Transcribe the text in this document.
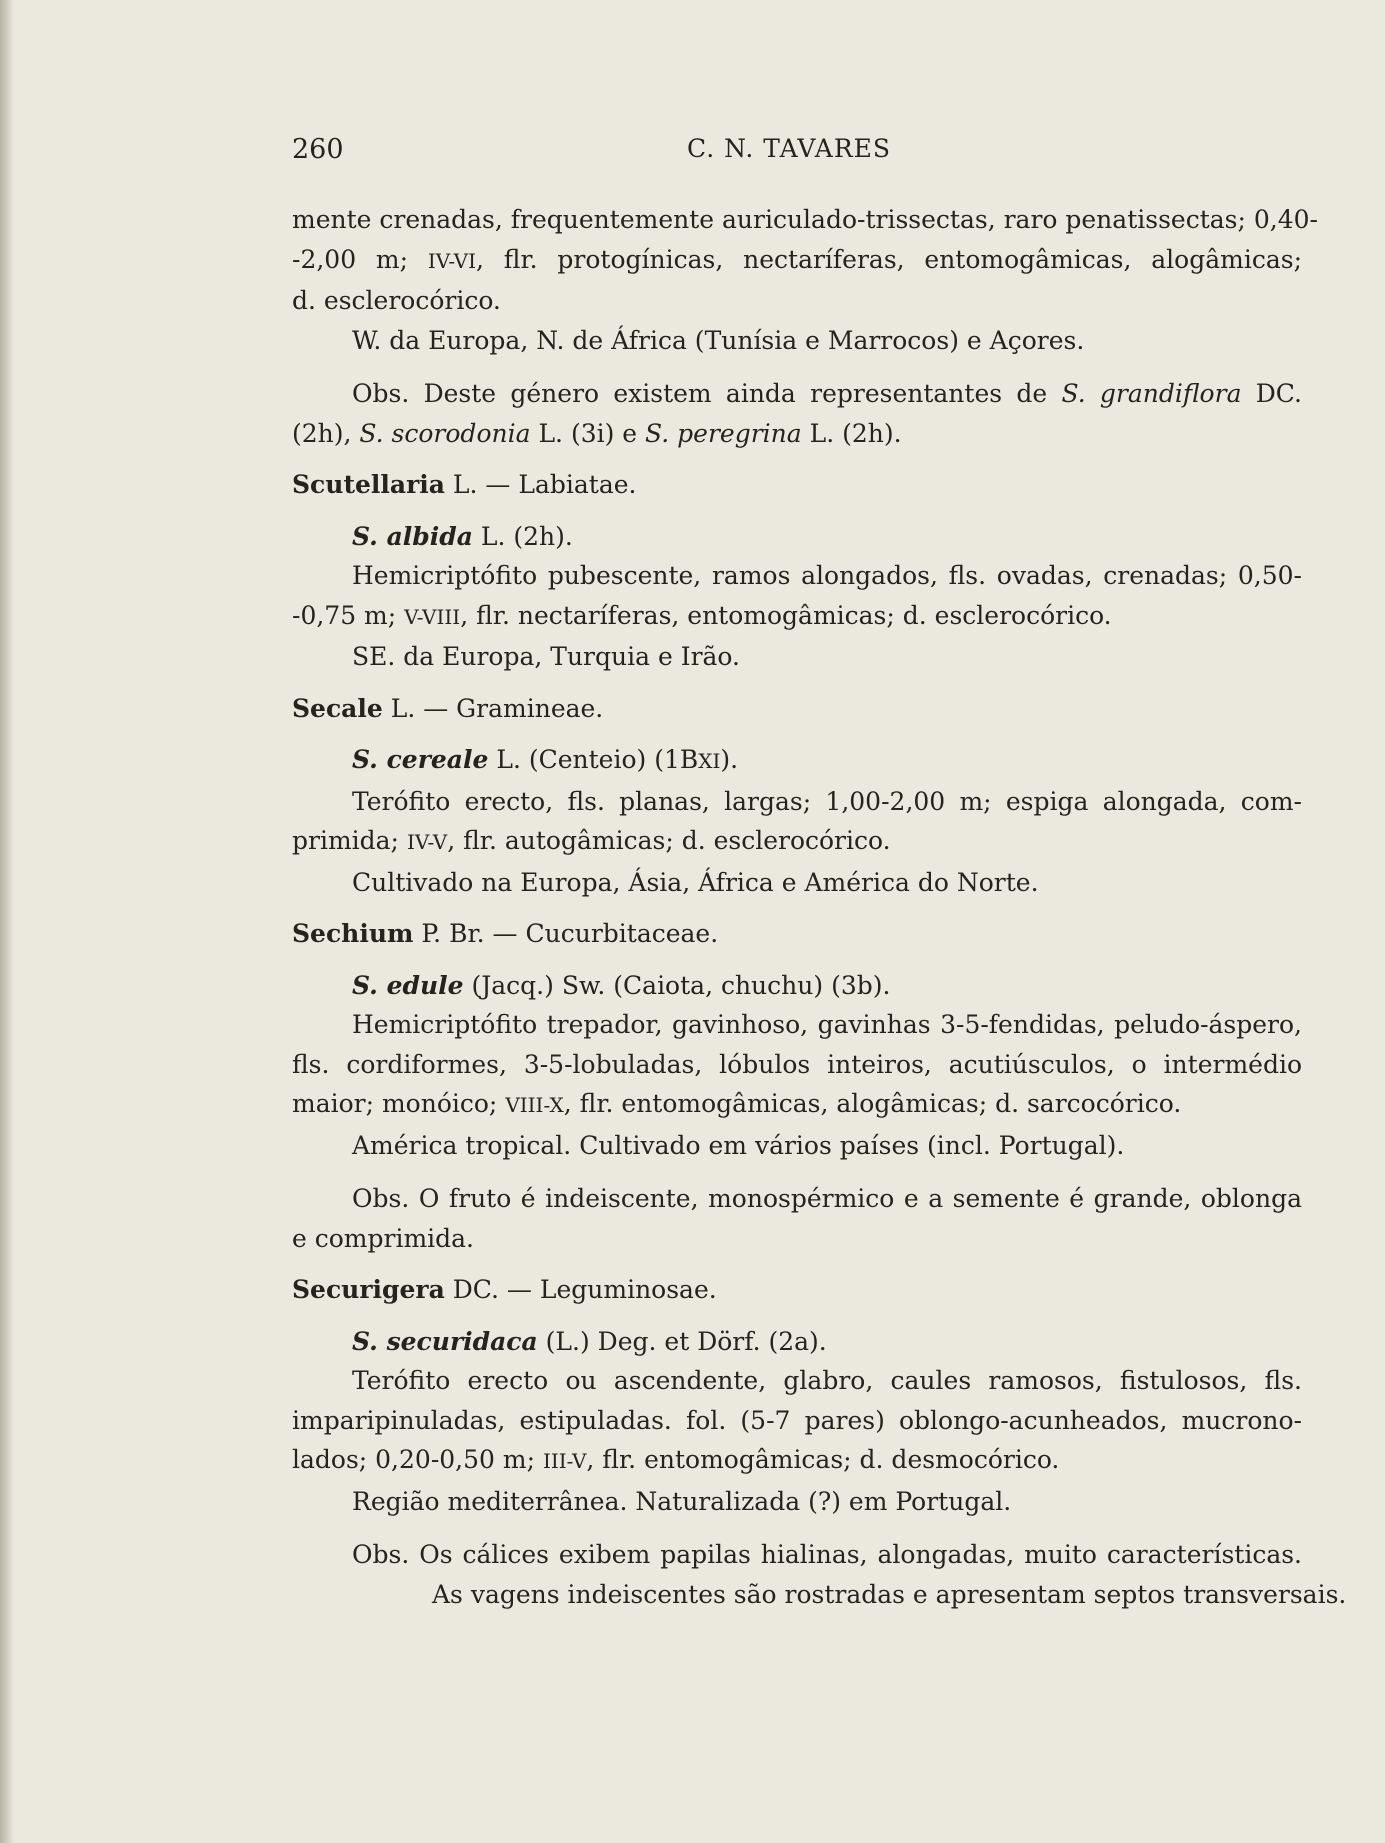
260	C. N. TAVARES
mente crenadas, frequentemente auriculado-trissectas, raro penatissectas; 0,40-
-2,00 m; IV-VI, flr. protogínicas, nectaríferas, entomogâmicas, alogâmicas;
d. esclerocórico.
W. da Europa, N. de África (Tunísia e Marrocos) e Açores.
Obs. Deste género existem ainda representantes de S. grandiflora DC.
(2h), S. scorodonia L. (3i) e S. peregrina L. (2h).
Scutellaria L. — Labiatae.
S. albida L. (2h).
Hemicriptófito pubescente, ramos alongados, fls. ovadas, crenadas; 0,50-
-0,75 m; V-VIII, flr. nectaríferas, entomogâmicas; d. esclerocórico.
SE. da Europa, Turquia e Irão.
Secale L. — Gramineae.
S. cereale L. (Centeio) (1BXI).
Terófito erecto, fls. planas, largas; 1,00-2,00 m; espiga alongada, com-
primida; IV-V, flr. autogâmicas; d. esclerocórico.
Cultivado na Europa, Ásia, África e América do Norte.
Sechium P. Br. — Cucurbitaceae.
S. edule (Jacq.) Sw. (Caiota, chuchu) (3b).
Hemicriptófito trepador, gavinhoso, gavinhas 3-5-fendidas, peludo-áspero,
fls. cordiformes, 3-5-lobuladas, lóbulos inteiros, acutiúsculos, o intermédio
maior; monóico; VIII-X, flr. entomogâmicas, alogâmicas; d. sarcocórico.
América tropical. Cultivado em vários países (incl. Portugal).
Obs. O fruto é indeiscente, monospérmico e a semente é grande, oblonga
e comprimida.
Securigera DC. — Leguminosae.
S. securidaca (L.) Deg. et Dörf. (2a).
Terófito erecto ou ascendente, glabro, caules ramosos, fistulosos, fls.
imparipinuladas, estipuladas. fol. (5-7 pares) oblongo-acunheados, mucrono-
lados; 0,20-0,50 m; III-V, flr. entomogâmicas; d. desmocórico.
Região mediterrânea. Naturalizada (?) em Portugal.
Obs. Os cálices exibem papilas hialinas, alongadas, muito características.
As vagens indeiscentes são rostradas e apresentam septos transversais.
